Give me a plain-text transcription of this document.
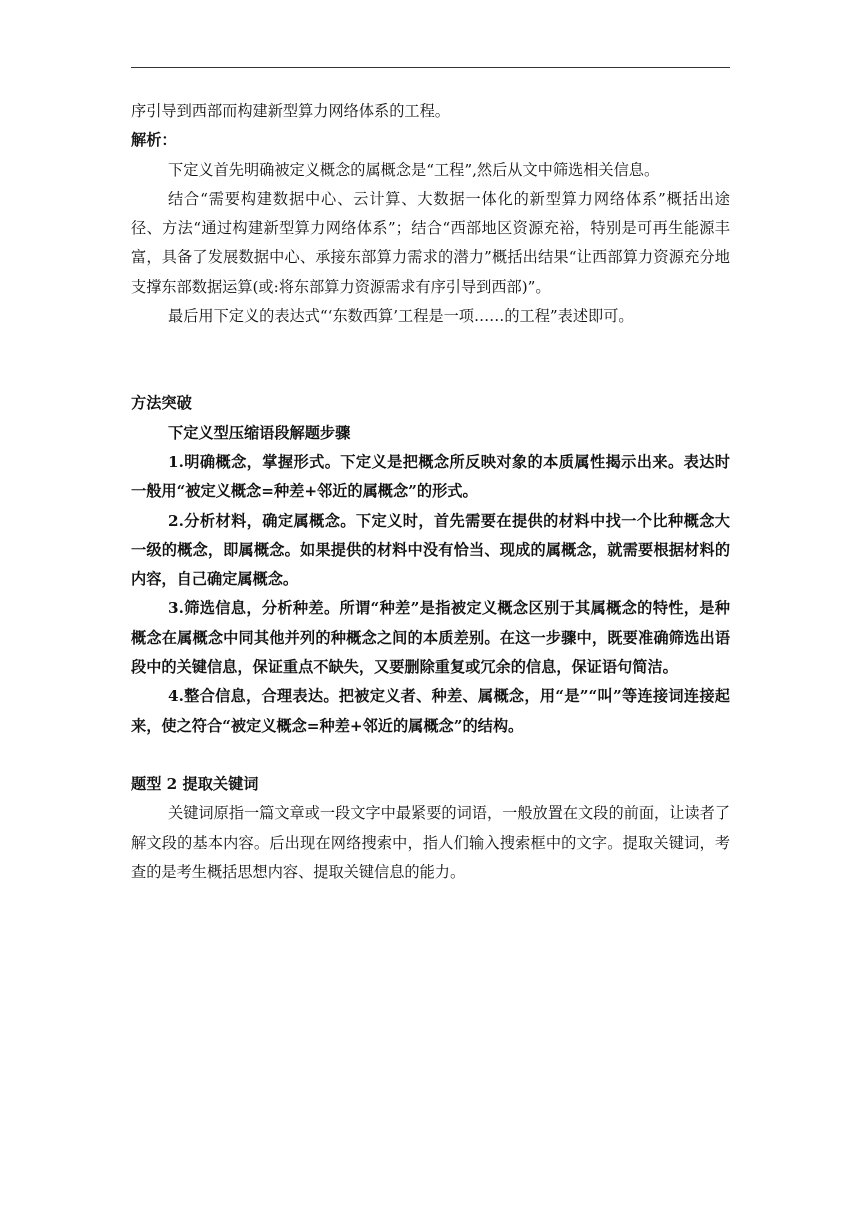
序引导到西部而构建新型算力网络体系的工程。

解析：

下定义首先明确被定义概念的属概念是“工程”,然后从文中筛选相关信息。

结合“需要构建数据中心、云计算、大数据一体化的新型算力网络体系”概括出途径、方法“通过构建新型算力网络体系”；结合“西部地区资源充裕，特别是可再生能源丰富，具备了发展数据中心、承接东部算力需求的潜力”概括出结果“让西部算力资源充分地支撑东部数据运算(或:将东部算力资源需求有序引导到西部)”。

最后用下定义的表达式“‘东数西算’工程是一项……的工程”表述即可。

方法突破

下定义型压缩语段解题步骤

1.明确概念，掌握形式。下定义是把概念所反映对象的本质属性揭示出来。表达时一般用“被定义概念=种差+邻近的属概念”的形式。

2.分析材料，确定属概念。下定义时，首先需要在提供的材料中找一个比种概念大一级的概念，即属概念。如果提供的材料中没有恰当、现成的属概念，就需要根据材料的内容，自己确定属概念。

3.筛选信息，分析种差。所谓“种差”是指被定义概念区别于其属概念的特性，是种概念在属概念中同其他并列的种概念之间的本质差别。在这一步骤中，既要准确筛选出语段中的关键信息，保证重点不缺失，又要删除重复或冗余的信息，保证语句简洁。

4.整合信息，合理表达。把被定义者、种差、属概念，用“是”“叫”等连接词连接起来，使之符合“被定义概念=种差+邻近的属概念”的结构。

题型 2 提取关键词

关键词原指一篇文章或一段文字中最紧要的词语，一般放置在文段的前面，让读者了解文段的基本内容。后出现在网络搜索中，指人们输入搜索框中的文字。提取关键词，考查的是考生概括思想内容、提取关键信息的能力。
